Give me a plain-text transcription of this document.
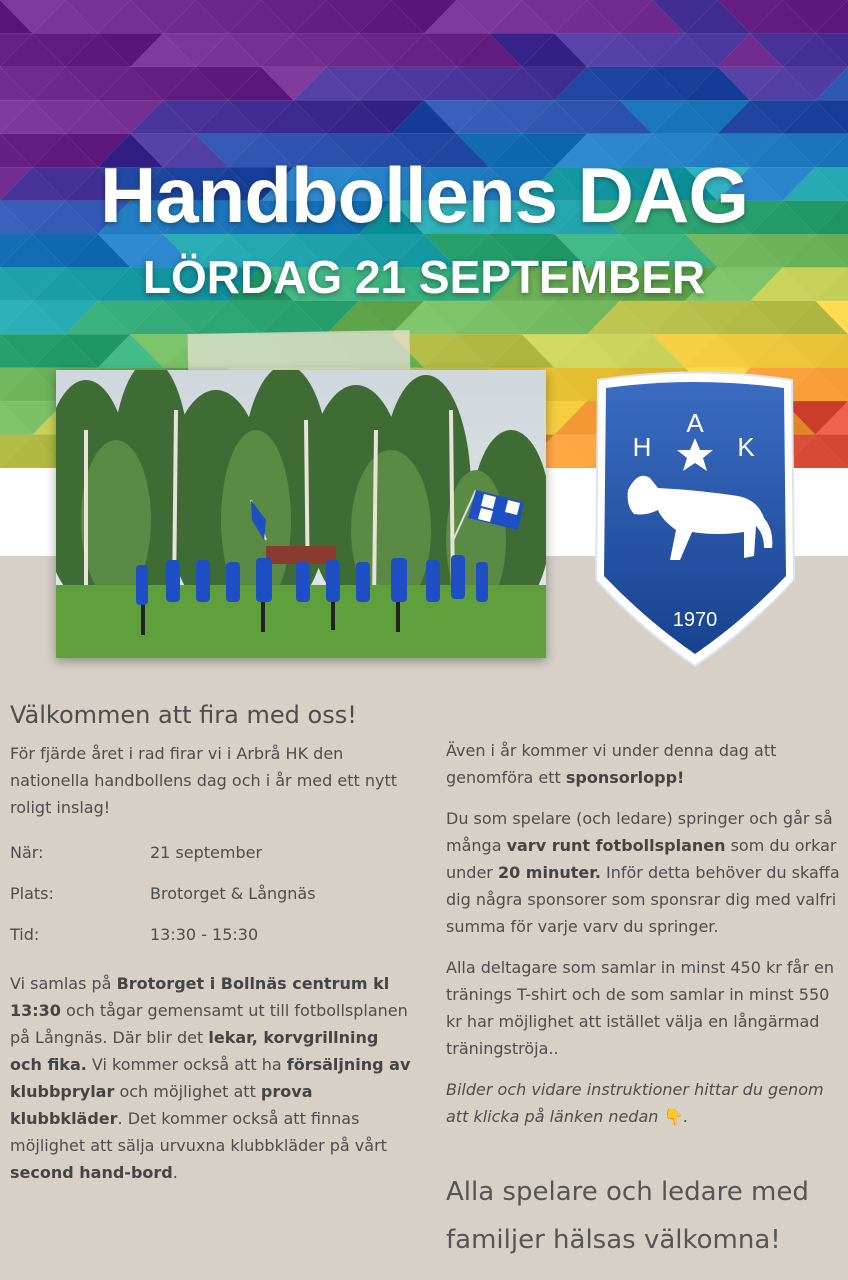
Handbollens DAG
LÖRDAG 21 SEPTEMBER
A
H	K
1970
Välkommen att fira med oss!
För fjärde året i rad firar vi i Arbrå HK den nationella handbollens dag och i år med ett nytt roligt inslag!
När:	21 september
Plats:	Brotorget & Långnäs
Tid:	13:30 - 15:30
Vi samlas på Brotorget i Bollnäs centrum kl 13:30 och tågar gemensamt ut till fotbollsplanen på Långnäs. Där blir det lekar, korvgrillning och fika. Vi kommer också att ha försäljning av klubbprylar och möjlighet att prova klubbkläder. Det kommer också att finnas möjlighet att sälja urvuxna klubbkläder på vårt second hand-bord.

Även i år kommer vi under denna dag att genomföra ett sponsorlopp!

Du som spelare (och ledare) springer och går så många varv runt fotbollsplanen som du orkar under 20 minuter. Inför detta behöver du skaffa dig några sponsorer som sponsrar dig med valfri summa för varje varv du springer.

Alla deltagare som samlar in minst 450 kr får en tränings T-shirt och de som samlar in minst 550 kr har möjlighet att istället välja en långärmad träningströja..

Bilder och vidare instruktioner hittar du genom att klicka på länken nedan 👇.

Alla spelare och ledare med familjer hälsas välkomna!
